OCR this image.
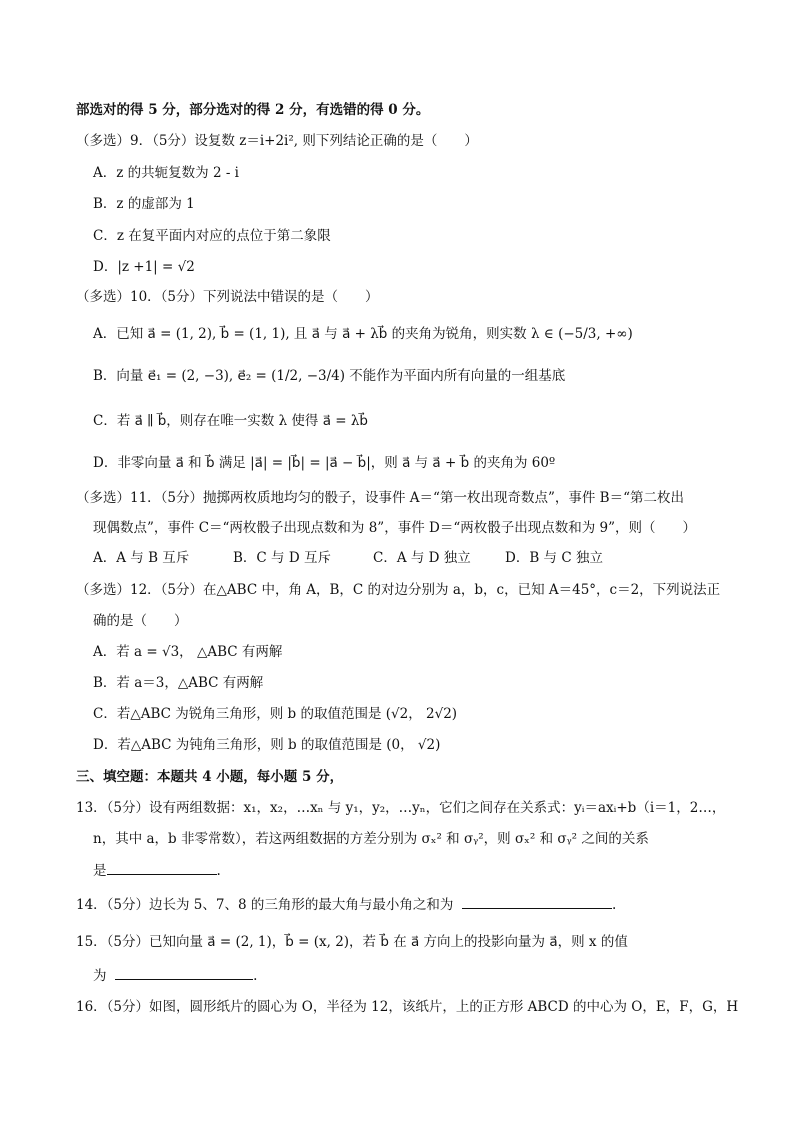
部选对的得 5 分，部分选对的得 2 分，有选错的得 0 分。
（多选）9．（5分）设复数 z＝i+2i², 则下列结论正确的是（　　）
A．z 的共轭复数为 2 - i
B．z 的虚部为 1
C．z 在复平面内对应的点位于第二象限
D．|z +1| = √2
（多选）10．（5分）下列说法中错误的是（　　）
A．已知 a⃗ = (1, 2), b⃗ = (1, 1), 且 a⃗ 与 a⃗ + λb⃗ 的夹角为锐角，则实数 λ ∈ (−5/3, +∞)
B．向量 e⃗₁ = (2, −3), e⃗₂ = (1/2, −3/4) 不能作为平面内所有向量的一组基底
C．若 a⃗ ∥ b⃗，则存在唯一实数 λ 使得 a⃗ = λb⃗
D．非零向量 a⃗ 和 b⃗ 满足 |a⃗| = |b⃗| = |a⃗ − b⃗|，则 a⃗ 与 a⃗ + b⃗ 的夹角为 60º
（多选）11．（5分）抛掷两枚质地均匀的骰子，设事件 A＝“第一枚出现奇数点”，事件 B＝“第二枚出
现偶数点”，事件 C＝“两枚骰子出现点数和为 8”，事件 D＝“两枚骰子出现点数和为 9”，则（　　）
A．A 与 B 互斥	B．C 与 D 互斥	C．A 与 D 独立	D．B 与 C 独立
（多选）12．（5分）在△ABC 中，角 A，B，C 的对边分别为 a，b，c，已知 A＝45°，c＝2，下列说法正
确的是（　　）
A．若 a = √3， △ABC 有两解
B．若 a＝3，△ABC 有两解
C．若△ABC 为锐角三角形，则 b 的取值范围是 (√2， 2√2)
D．若△ABC 为钝角三角形，则 b 的取值范围是 (0， √2)
三、填空题：本题共 4 小题，每小题 5 分，
13．（5分）设有两组数据：x₁，x₂，…xₙ 与 y₁，y₂，…yₙ，它们之间存在关系式：yᵢ＝axᵢ+b（i＝1，2…，
n，其中 a，b 非零常数），若这两组数据的方差分别为 σₓ² 和 σᵧ²，则 σₓ² 和 σᵧ² 之间的关系
是	.
14．（5分）边长为 5、7、8 的三角形的最大角与最小角之和为	.
15．（5分）已知向量 a⃗ = (2, 1)，b⃗ = (x, 2)，若 b⃗ 在 a⃗ 方向上的投影向量为 a⃗，则 x 的值
为	.
16．（5分）如图，圆形纸片的圆心为 O，半径为 12，该纸片，上的正方形 ABCD 的中心为 O，E，F，G，H
